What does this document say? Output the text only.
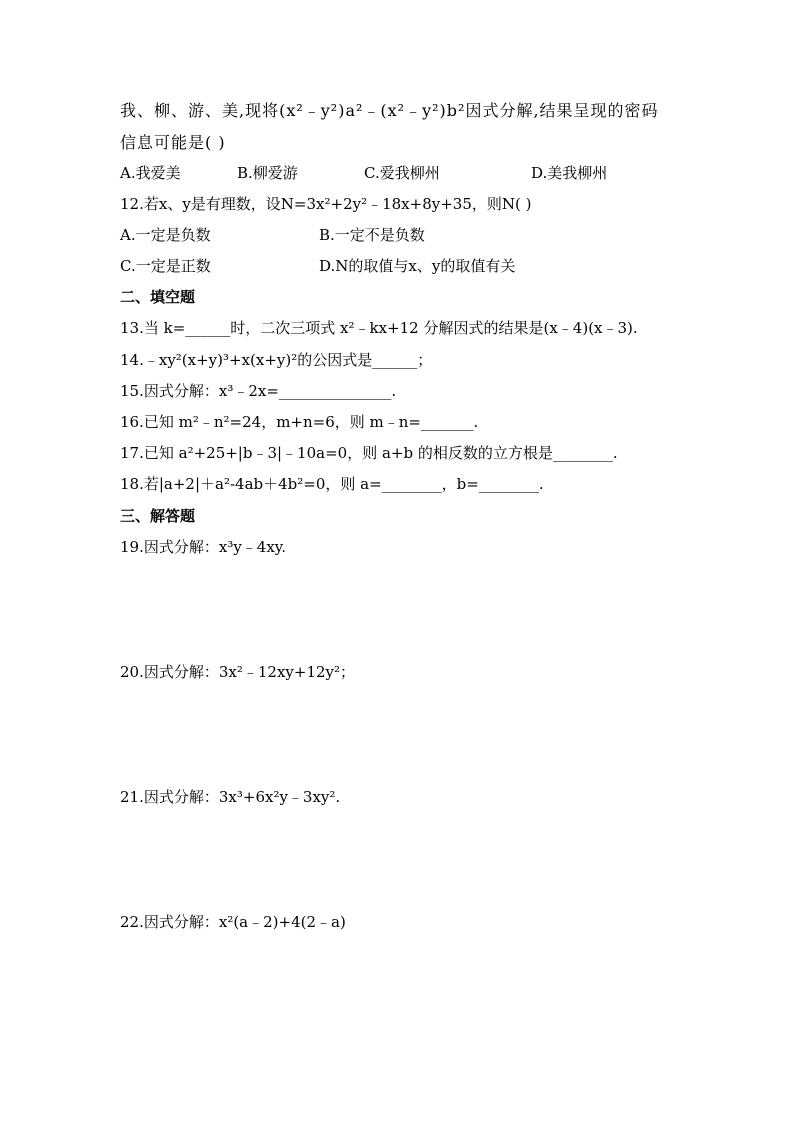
我、柳、游、美,现将(x²﹣y²)a²﹣(x²﹣y²)b²因式分解,结果呈现的密码
信息可能是( )
A.我爱美	B.柳爱游	C.爱我柳州	D.美我柳州
12.若x、y是有理数，设N=3x²+2y²﹣18x+8y+35，则N( )
A.一定是负数	B.一定不是负数
C.一定是正数	D.N的取值与x、y的取值有关
二、填空题
13.当 k=______时，二次三项式 x²﹣kx+12 分解因式的结果是(x﹣4)(x﹣3).
14.﹣xy²(x+y)³+x(x+y)²的公因式是______；
15.因式分解：x³﹣2x=_______________.
16.已知 m²﹣n²=24，m+n=6，则 m﹣n=_______.
17.已知 a²+25+|b﹣3|﹣10a=0，则 a+b 的相反数的立方根是________.
18.若|a+2|＋a²-4ab＋4b²=0，则 a=________，b=________.
三、解答题
19.因式分解：x³y﹣4xy.
20.因式分解：3x²﹣12xy+12y²；
21.因式分解：3x³+6x²y﹣3xy².
22.因式分解：x²(a﹣2)+4(2﹣a)
